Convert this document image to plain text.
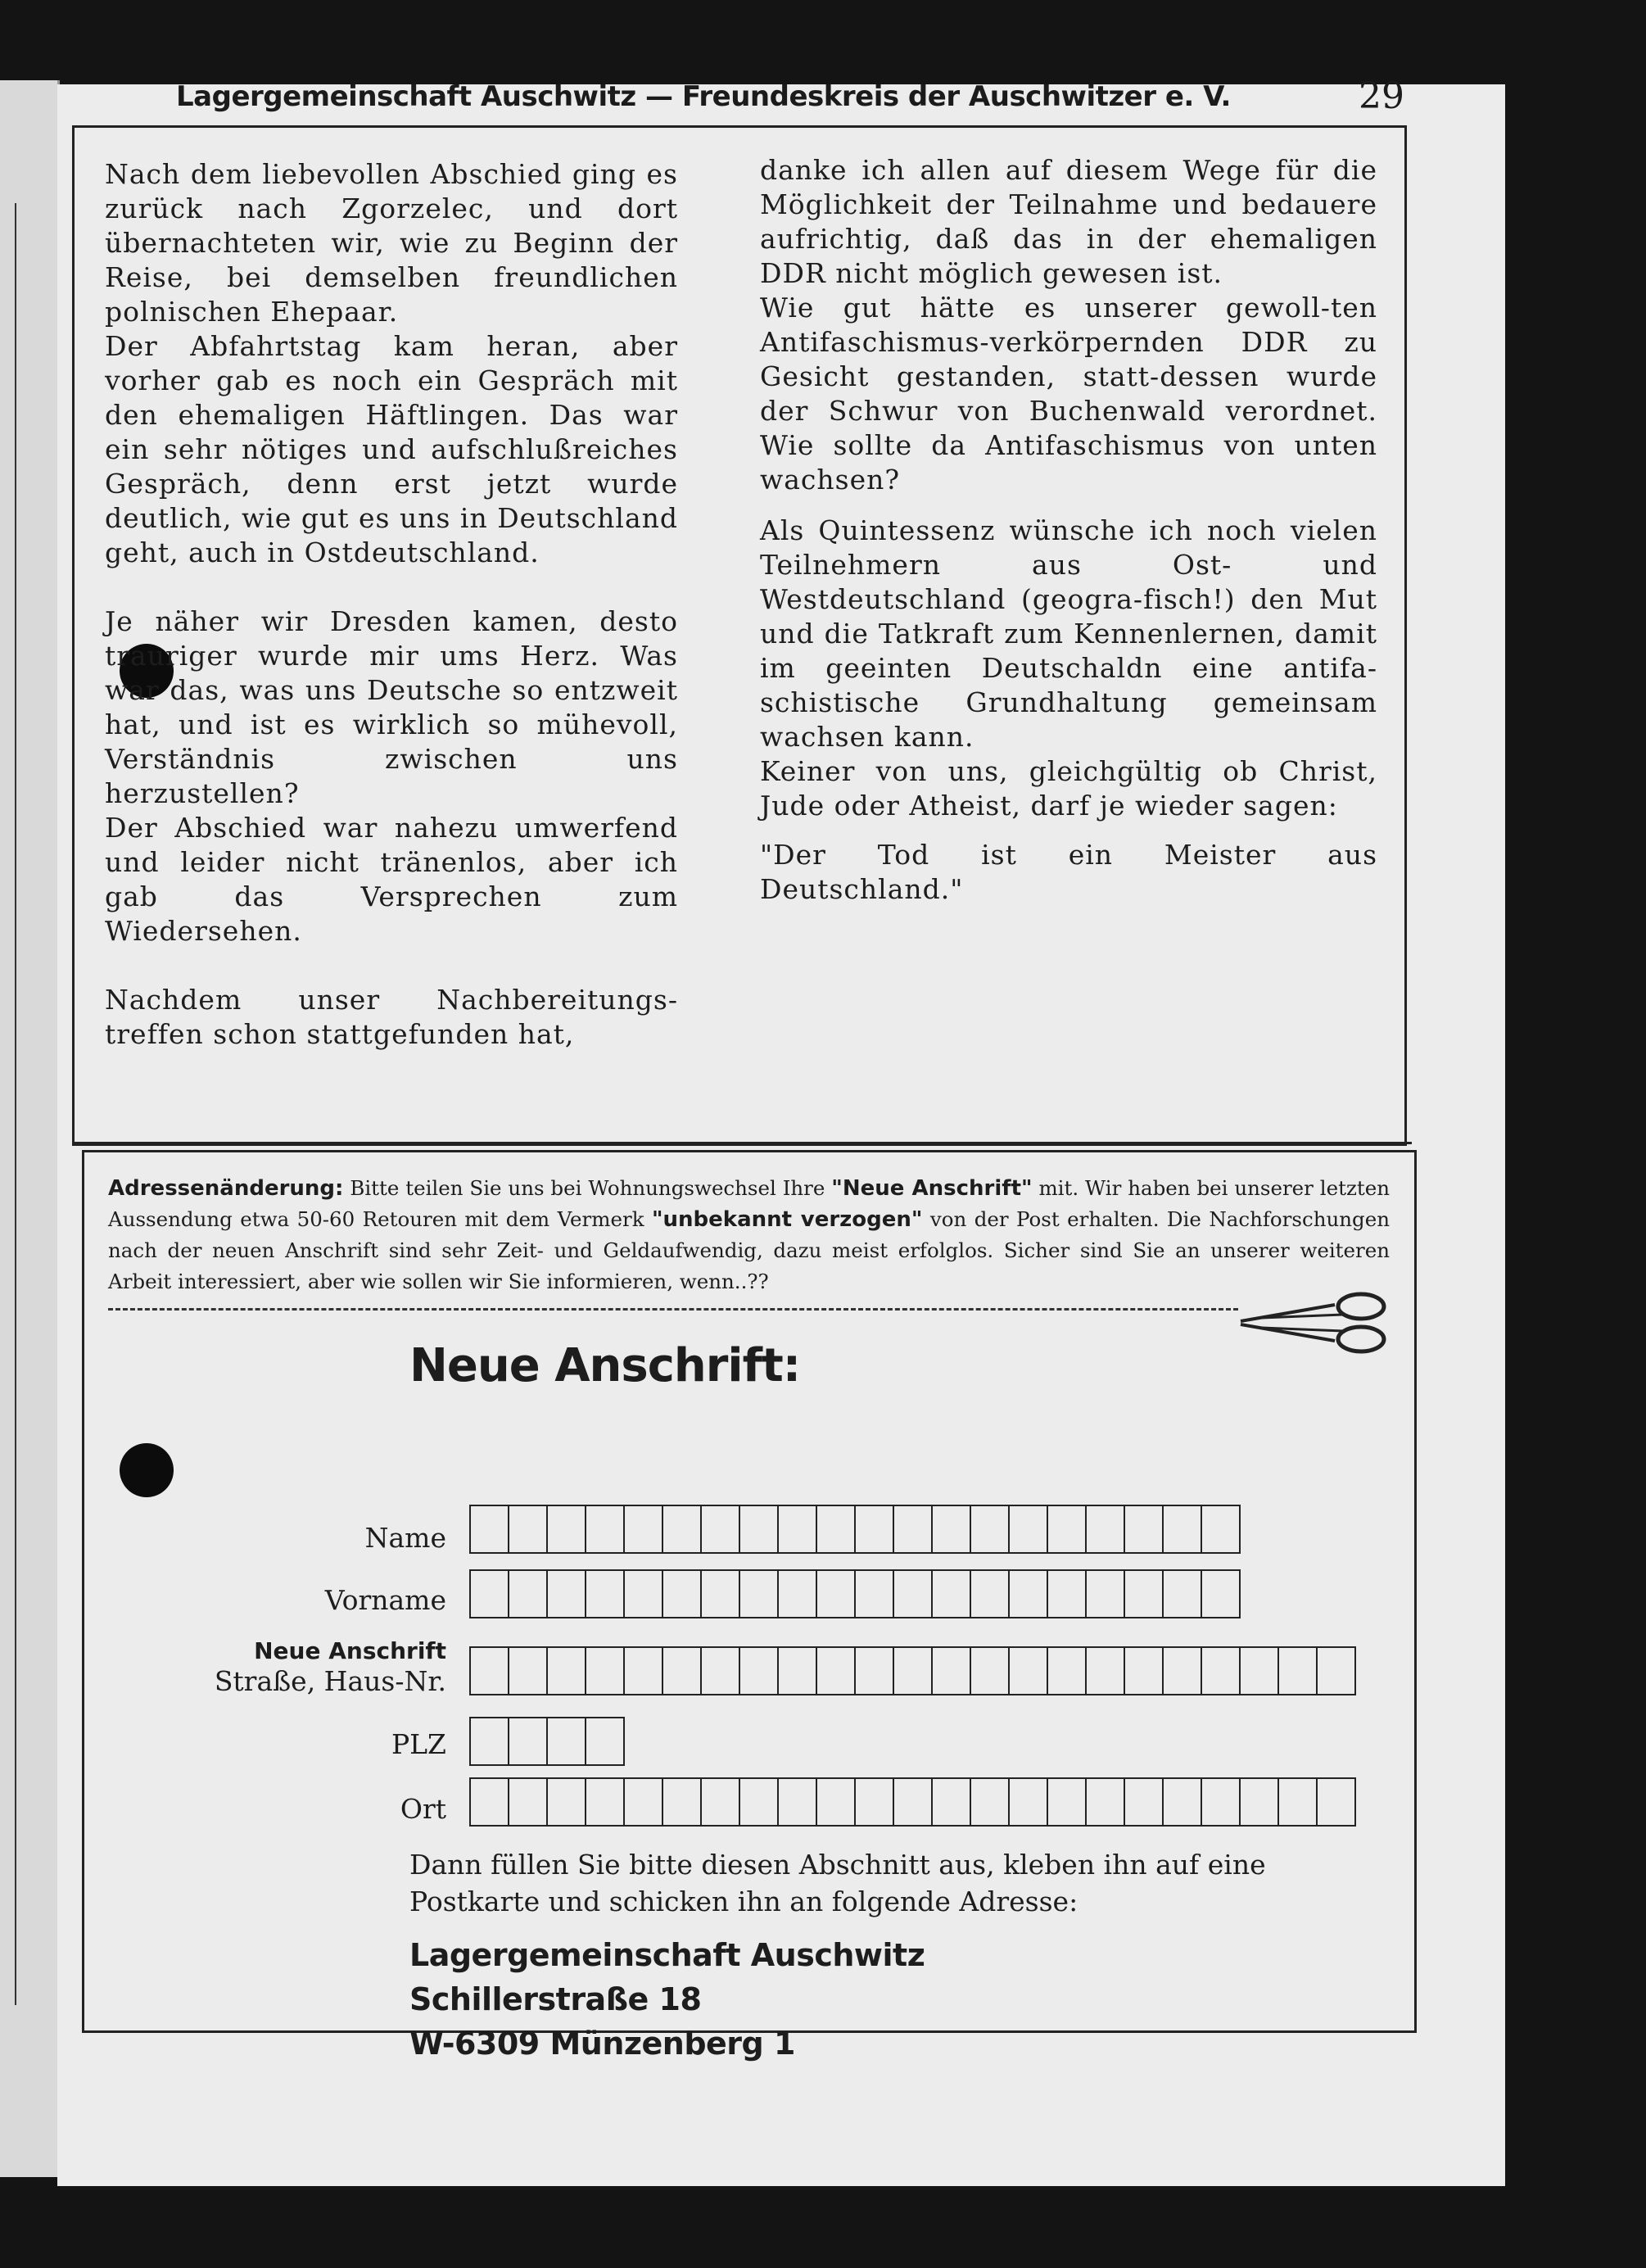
Lagergemeinschaft Auschwitz — Freundeskreis der Auschwitzer e. V.	29

Nach dem liebevollen Abschied ging es zurück nach Zgorzelec, und dort übernachteten wir, wie zu Beginn der Reise, bei demselben freundlichen polnischen Ehepaar.

Der Abfahrtstag kam heran, aber vorher gab es noch ein Gespräch mit den ehemaligen Häftlingen. Das war ein sehr nötiges und aufschlußreiches Gespräch, denn erst jetzt wurde deutlich, wie gut es uns in Deutschland geht, auch in Ostdeutschland.

Je näher wir Dresden kamen, desto trauriger wurde mir ums Herz. Was war das, was uns Deutsche so entzweit hat, und ist es wirklich so mühevoll, Verständnis zwischen uns herzustellen?

Der Abschied war nahezu umwerfend und leider nicht tränenlos, aber ich gab das Versprechen zum Wiedersehen.

Nachdem unser Nachbereitungs-treffen schon stattgefunden hat,

danke ich allen auf diesem Wege für die Möglichkeit der Teilnahme und bedauere aufrichtig, daß das in der ehemaligen DDR nicht möglich gewesen ist.

Wie gut hätte es unserer gewoll-ten Antifaschismus-verkörpernden DDR zu Gesicht gestanden, statt-dessen wurde der Schwur von Buchenwald verordnet. Wie sollte da Antifaschismus von unten wachsen?

Als Quintessenz wünsche ich noch vielen Teilnehmern aus Ost- und Westdeutschland (geogra-fisch!) den Mut und die Tatkraft zum Kennenlernen, damit im geeinten Deutschaldn eine antifa-schistische Grundhaltung gemeinsam wachsen kann.

Keiner von uns, gleichgültig ob Christ, Jude oder Atheist, darf je wieder sagen:

"Der Tod ist ein Meister aus Deutschland."

Adressenänderung: Bitte teilen Sie uns bei Wohnungswechsel Ihre "Neue Anschrift" mit. Wir haben bei unserer letzten Aussendung etwa 50-60 Retouren mit dem Vermerk "unbekannt verzogen" von der Post erhalten. Die Nachforschungen nach der neuen Anschrift sind sehr Zeit- und Geldaufwendig, dazu meist erfolglos. Sicher sind Sie an unserer weiteren Arbeit interessiert, aber wie sollen wir Sie informieren, wenn..??
Neue Anschrift:
Name
Vorname
Neue Anschrift
Straße, Haus-Nr.
PLZ
Ort
Dann füllen Sie bitte diesen Abschnitt aus, kleben ihn auf eine Postkarte und schicken ihn an folgende Adresse:
Lagergemeinschaft Auschwitz
Schillerstraße 18
W-6309 Münzenberg 1
